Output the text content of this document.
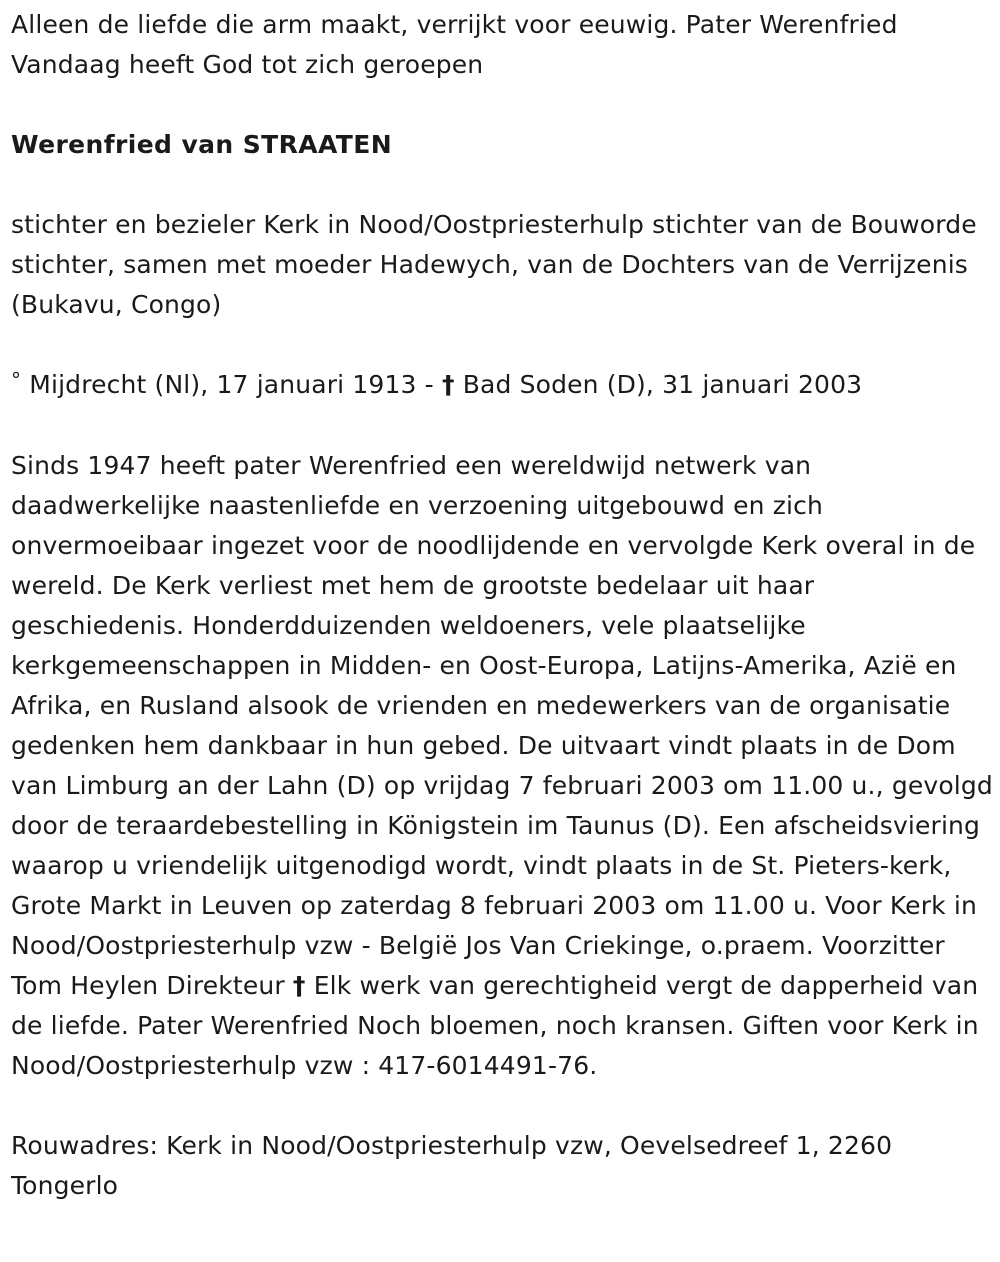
Alleen de liefde die arm maakt, verrijkt voor eeuwig. Pater Werenfried
Vandaag heeft God tot zich geroepen

Werenfried van STRAATEN

stichter en bezieler Kerk in Nood/Oostpriesterhulp stichter van de Bouworde stichter, samen met moeder Hadewych, van de Dochters van de Verrijzenis (Bukavu, Congo)

° Mijdrecht (Nl), 17 januari 1913 - † Bad Soden (D), 31 januari 2003

Sinds 1947 heeft pater Werenfried een wereldwijd netwerk van daadwerkelijke naastenliefde en verzoening uitgebouwd en zich onvermoeibaar ingezet voor de noodlijdende en vervolgde Kerk overal in de wereld. De Kerk verliest met hem de grootste bedelaar uit haar geschiedenis. Honderdduizenden weldoeners, vele plaatselijke kerkgemeenschappen in Midden- en Oost-Europa, Latijns-Amerika, Azië en Afrika, en Rusland alsook de vrienden en medewerkers van de organisatie gedenken hem dankbaar in hun gebed. De uitvaart vindt plaats in de Dom van Limburg an der Lahn (D) op vrijdag 7 februari 2003 om 11.00 u., gevolgd door de teraardebestelling in Königstein im Taunus (D). Een afscheidsviering waarop u vriendelijk uitgenodigd wordt, vindt plaats in de St. Pieters-kerk, Grote Markt in Leuven op zaterdag 8 februari 2003 om 11.00 u. Voor Kerk in Nood/Oostpriesterhulp vzw - België Jos Van Criekinge, o.praem. Voorzitter Tom Heylen Direkteur † Elk werk van gerechtigheid vergt de dapperheid van de liefde. Pater Werenfried Noch bloemen, noch kransen. Giften voor Kerk in Nood/Oostpriesterhulp vzw : 417-6014491-76.

Rouwadres: Kerk in Nood/Oostpriesterhulp vzw, Oevelsedreef 1, 2260 Tongerlo
